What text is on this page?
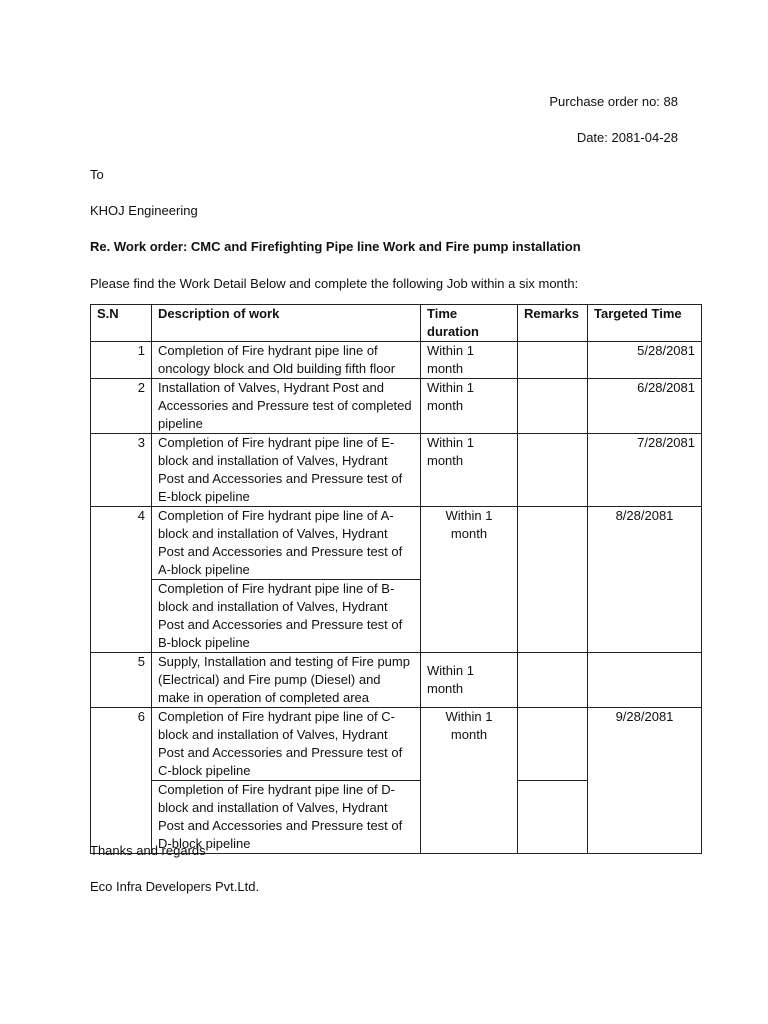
Purchase order no: 88
Date: 2081-04-28
To
KHOJ Engineering
Re. Work order: CMC and Firefighting Pipe line Work and Fire pump installation
Please find the Work Detail Below and complete the following Job within a six month:
S.N	Description of work	Time duration	Remarks	Targeted Time
1	Completion of Fire hydrant pipe line of oncology block and Old building fifth floor	Within 1 month		5/28/2081
2	Installation of Valves, Hydrant Post and Accessories and Pressure test of completed pipeline	Within 1 month		6/28/2081
3	Completion of Fire hydrant pipe line of E-block and installation of Valves, Hydrant Post and Accessories and Pressure test of E-block pipeline	Within 1 month		7/28/2081
4	Completion of Fire hydrant pipe line of A-block and installation of Valves, Hydrant Post and Accessories and Pressure test of A-block pipeline	Within 1 month		8/28/2081
	Completion of Fire hydrant pipe line of B-block and installation of Valves, Hydrant Post and Accessories and Pressure test of B-block pipeline			
5	Supply, Installation and testing of Fire pump (Electrical) and Fire pump (Diesel) and make in operation of completed area	Within 1 month		
6	Completion of Fire hydrant pipe line of C-block and installation of Valves, Hydrant Post and Accessories and Pressure test of C-block pipeline	Within 1 month		9/28/2081
	Completion of Fire hydrant pipe line of D-block and installation of Valves, Hydrant Post and Accessories and Pressure test of D-block pipeline			
Thanks and regards
Eco Infra Developers Pvt.Ltd.
